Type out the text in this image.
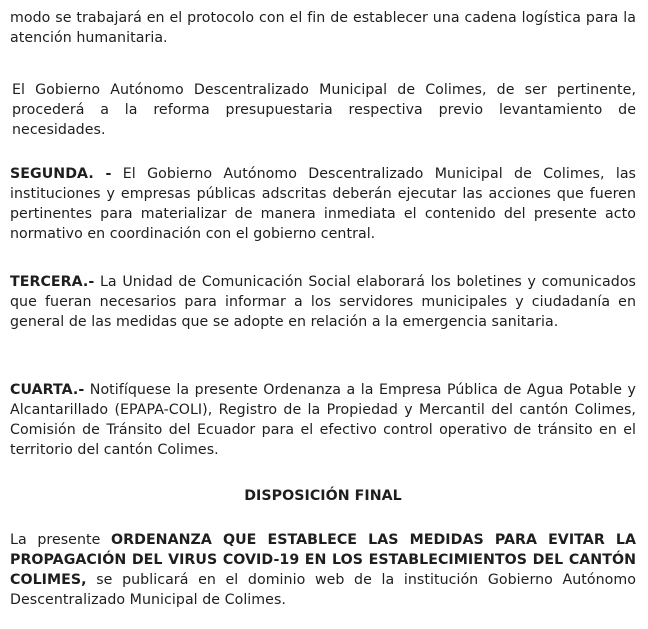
modo se trabajará en el protocolo con el fin de establecer una cadena logística para la atención humanitaria.

El Gobierno Autónomo Descentralizado Municipal de Colimes, de ser pertinente, procederá a la reforma presupuestaria respectiva previo levantamiento de necesidades.

SEGUNDA. - El Gobierno Autónomo Descentralizado Municipal de Colimes, las instituciones y empresas públicas adscritas deberán ejecutar las acciones que fueren pertinentes para materializar de manera inmediata el contenido del presente acto normativo en coordinación con el gobierno central.

TERCERA.- La Unidad de Comunicación Social elaborará los boletines y comunicados que fueran necesarios para informar a los servidores municipales y ciudadanía en general de las medidas que se adopte en relación a la emergencia sanitaria.

CUARTA.- Notifíquese la presente Ordenanza a la Empresa Pública de Agua Potable y Alcantarillado (EPAPA-COLI), Registro de la Propiedad y Mercantil del cantón Colimes, Comisión de Tránsito del Ecuador para el efectivo control operativo de tránsito en el territorio del cantón Colimes.

DISPOSICIÓN FINAL

La presente ORDENANZA QUE ESTABLECE LAS MEDIDAS PARA EVITAR LA PROPAGACIÓN DEL VIRUS COVID-19 EN LOS ESTABLECIMIENTOS DEL CANTÓN COLIMES, se publicará en el dominio web de la institución Gobierno Autónomo Descentralizado Municipal de Colimes.
